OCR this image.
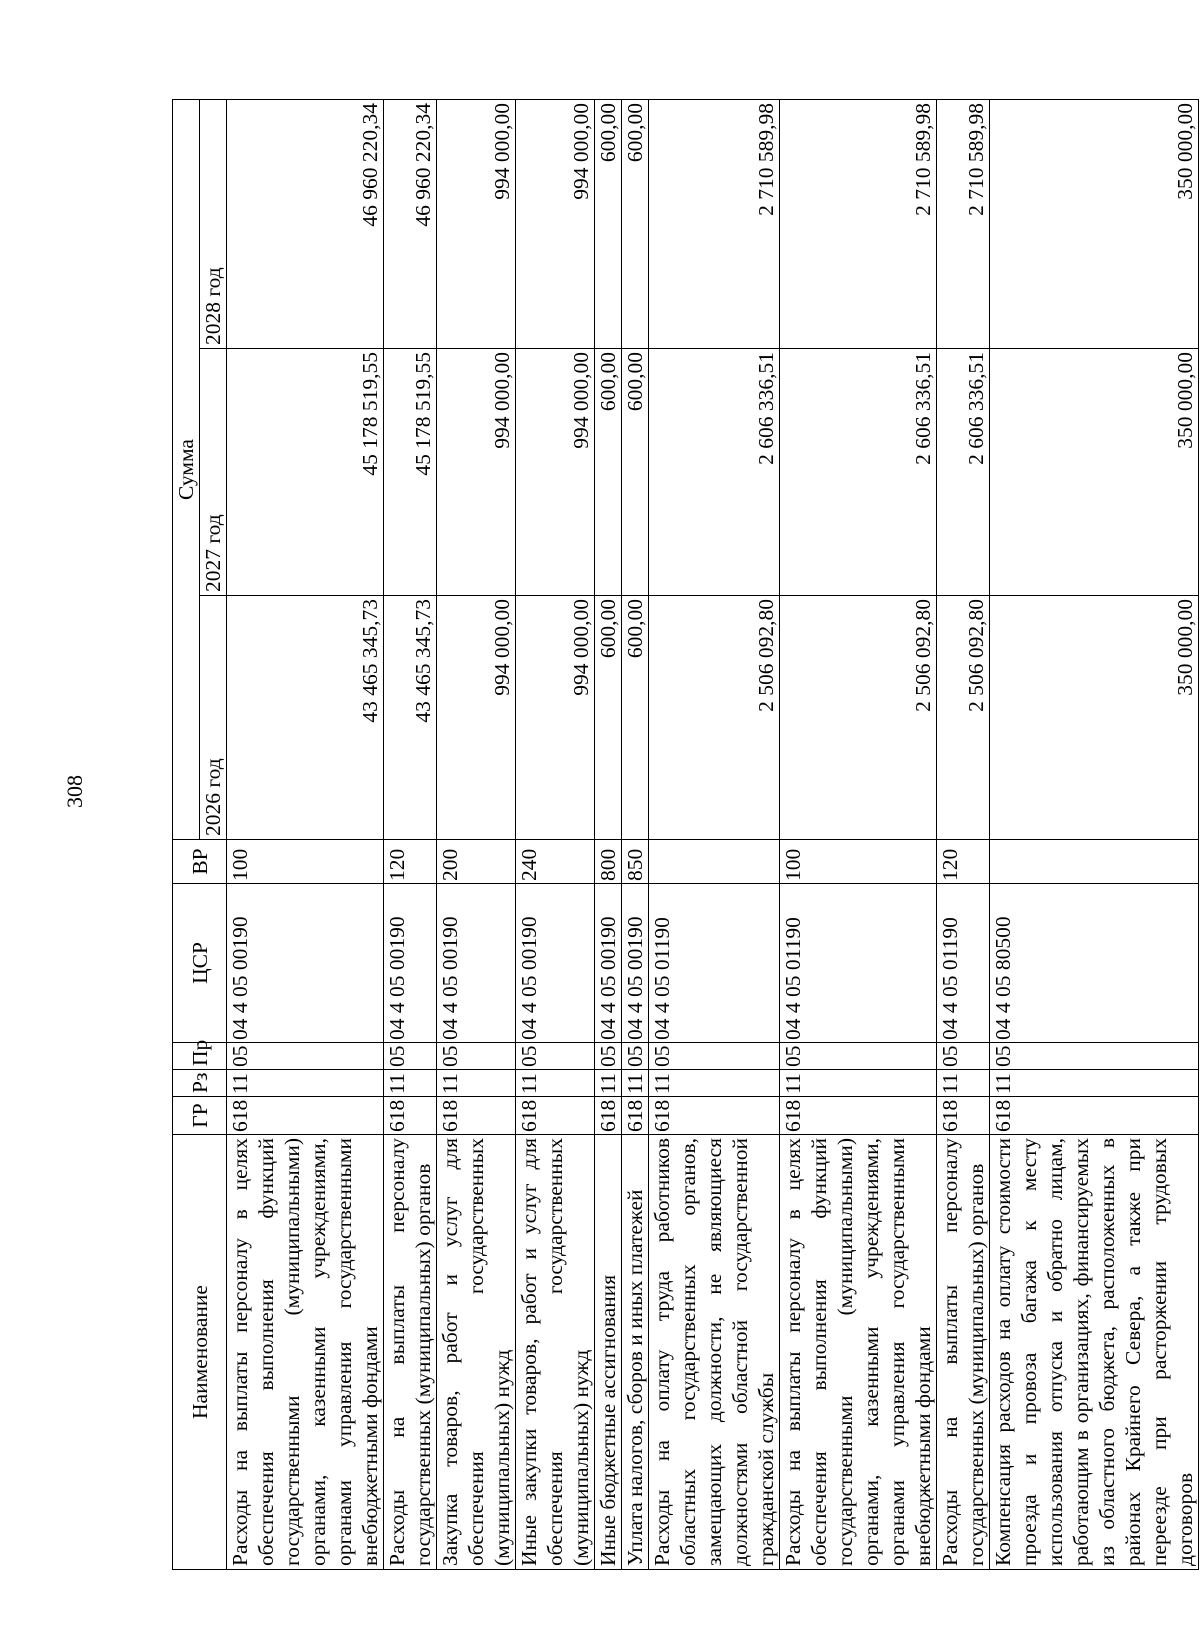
308
Наименование	ГР	Рз	Пр	ЦСР	ВР	Сумма		
						2026 год	2027 год	2028 год
Расходы на выплаты персоналу в целях обеспечения выполнения функций государственными (муниципальными) органами, казенными учреждениями, органами управления государственными внебюджетными фондами	618	11	05	04 4 05 00190	100	43 465 345,73	45 178 519,55	46 960 220,34
Расходы на выплаты персоналу государственных (муниципальных) органов	618	11	05	04 4 05 00190	120	43 465 345,73	45 178 519,55	46 960 220,34
Закупка товаров, работ и услуг для обеспечения государственных (муниципальных) нужд	618	11	05	04 4 05 00190	200	994 000,00	994 000,00	994 000,00
Иные закупки товаров, работ и услуг для обеспечения государственных (муниципальных) нужд	618	11	05	04 4 05 00190	240	994 000,00	994 000,00	994 000,00
Иные бюджетные ассигнования	618	11	05	04 4 05 00190	800	600,00	600,00	600,00
Уплата налогов, сборов и иных платежей	618	11	05	04 4 05 00190	850	600,00	600,00	600,00
Расходы на оплату труда работников областных государственных органов, замещающих должности, не являющиеся должностями областной государственной гражданской службы	618	11	05	04 4 05 01190		2 506 092,80	2 606 336,51	2 710 589,98
Расходы на выплаты персоналу в целях обеспечения выполнения функций государственными (муниципальными) органами, казенными учреждениями, органами управления государственными внебюджетными фондами	618	11	05	04 4 05 01190	100	2 506 092,80	2 606 336,51	2 710 589,98
Расходы на выплаты персоналу государственных (муниципальных) органов	618	11	05	04 4 05 01190	120	2 506 092,80	2 606 336,51	2 710 589,98
Компенсация расходов на оплату стоимости проезда и провоза багажа к месту использования отпуска и обратно лицам, работающим в организациях, финансируемых из областного бюджета, расположенных в районах Крайнего Севера, а также при переезде при расторжении трудовых договоров	618	11	05	04 4 05 80500		350 000,00	350 000,00	350 000,00
